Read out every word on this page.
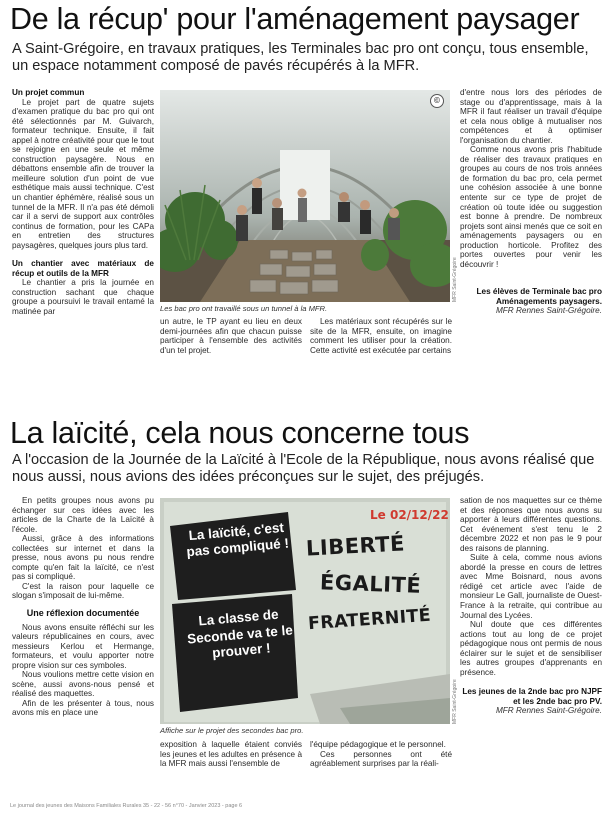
De la récup' pour l'aménagement paysager
A Saint-Grégoire, en travaux pratiques, les Terminales bac pro ont conçu, tous ensemble, un espace notamment composé de pavés récupérés à la MFR.

Un projet commun

Le projet part de quatre sujets d'examen pratique du bac pro qui ont été sélectionnés par M. Guivarch, formateur technique. Ensuite, il fait appel à notre créativité pour que le tout se rejoigne en une seule et même construction paysagère. Nous en débattons ensemble afin de trouver la meilleure solution d'un point de vue esthétique mais aussi technique. C'est un chantier éphémère, réalisé sous un tunnel de la MFR. Il n'a pas été démoli car il a servi de support aux contrôles continus de formation, pour les CAPa en entretien des structures paysagères, quelques jours plus tard.

Un chantier avec matériaux de récup et outils de la MFR

Le chantier a pris la journée en construction sachant que chaque groupe a poursuivi le travail entamé la matinée par

©
MFR Saint-Grégoire
Les bac pro ont travaillé sous un tunnel à la MFR.

un autre, le TP ayant eu lieu en deux demi-journées afin que chacun puisse participer à l'ensemble des activités d'un tel projet.

Les matériaux sont récupérés sur le site de la MFR, ensuite, on imagine comment les utiliser pour la création. Cette activité est exécutée par certains

d'entre nous lors des périodes de stage ou d'apprentissage, mais à la MFR il faut réaliser un travail d'équipe et cela nous oblige à mutualiser nos compétences et à optimiser l'organisation du chantier.

Comme nous avons pris l'habitude de réaliser des travaux pratiques en groupes au cours de nos trois années de formation du bac pro, cela permet une cohésion associée à une bonne entente sur ce type de projet de création où toute idée ou suggestion est bonne à prendre. De nombreux projets sont ainsi menés que ce soit en aménagements paysagers ou en production horticole. Profitez des portes ouvertes pour venir les découvrir !

Les élèves de Terminale bac pro Aménagements paysagers.

MFR Rennes Saint-Grégoire.

La laïcité, cela nous concerne tous
A l'occasion de la Journée de la Laïcité à l'Ecole de la République, nous avons réalisé que nous aussi, nous avions des idées préconçues sur le sujet, des préjugés.

En petits groupes nous avons pu échanger sur ces idées avec les articles de la Charte de la Laïcité à l'école.

Aussi, grâce à des informations collectées sur internet et dans la presse, nous avons pu nous rendre compte qu'en fait la laïcité, ce n'est pas si compliqué.

C'est la raison pour laquelle ce slogan s'imposait de lui-même.

Une réflexion documentée

Nous avons ensuite réfléchi sur les valeurs républicaines en cours, avec messieurs Kerlou et Hermange, formateurs, et voulu apporter notre propre vision sur ces symboles.

Nous voulions mettre cette vision en scène, aussi avons-nous pensé et réalisé des maquettes.

Afin de les présenter à tous, nous avons mis en place une

La laïcité, c'est pas compliqué !
La classe de Seconde va te le prouver !
Le 02/12/22
LIBERTÉ
ÉGALITÉ
FRATERNITÉ
MFR Saint-Grégoire
Affiche sur le projet des secondes bac pro.

exposition à laquelle étaient conviés les jeunes et les adultes en présence à la MFR mais aussi l'ensemble de

l'équipe pédagogique et le personnel.

Ces personnes ont été agréablement surprises par la réali-

sation de nos maquettes sur ce thème et des réponses que nous avons su apporter à leurs différentes questions. Cet événement s'est tenu le 2 décembre 2022 et non pas le 9 pour des raisons de planning.

Suite à cela, comme nous avions abordé la presse en cours de lettres avec Mme Boisnard, nous avons rédigé cet article avec l'aide de monsieur Le Gall, journaliste de Ouest-France à la retraite, qui contribue au Journal des Lycées.

Nul doute que ces différentes actions tout au long de ce projet pédagogique nous ont permis de nous éclairer sur le sujet et de sensibiliser les autres groupes d'apprenants en présence.

Les jeunes de la 2nde bac pro NJPF et les 2nde bac pro PV.

MFR Rennes Saint-Grégoire.

Le journal des jeunes des Maisons Familiales Rurales 35 - 22 - 56 n°70 - Janvier 2023 - page 6
